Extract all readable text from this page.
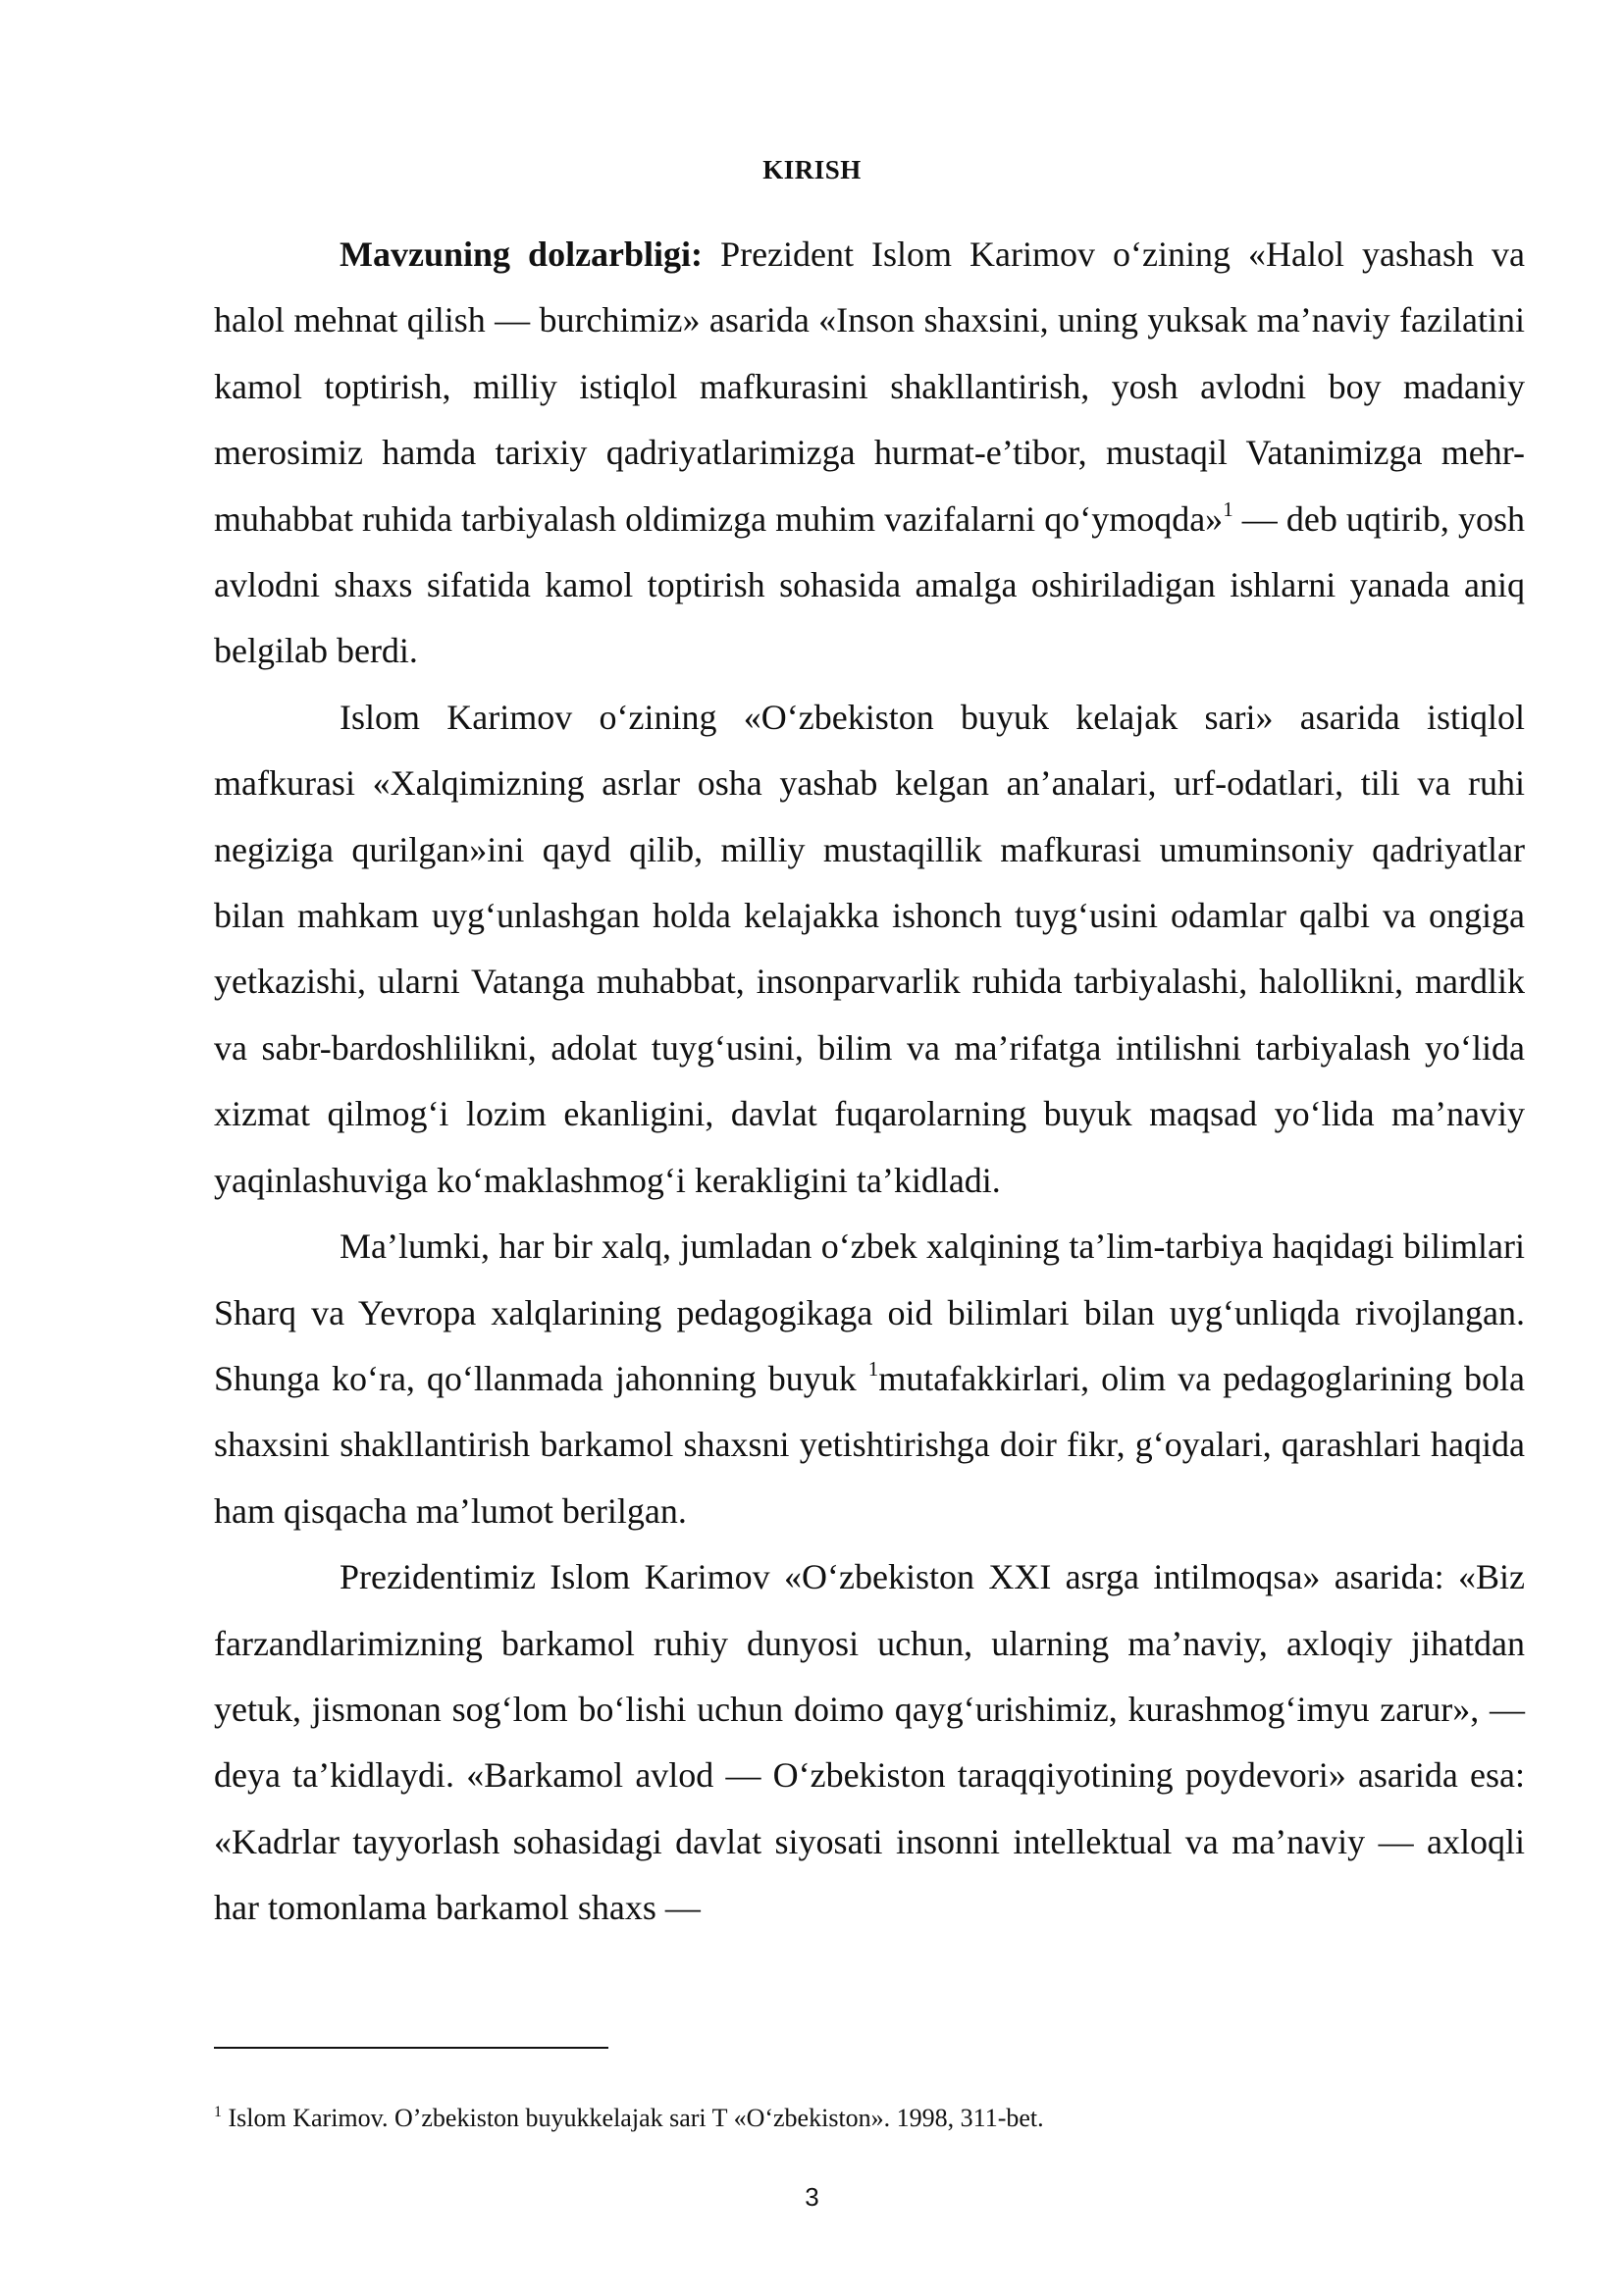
KIRISH

Mavzuning dolzarbligi: Prezident Islom Karimov o‘zining «Halol yashash va halol mehnat qilish — burchimiz» asarida «Inson shaxsini, uning yuksak ma’naviy fazilatini kamol toptirish, milliy istiqlol mafkurasini shakllantirish, yosh avlodni boy madaniy merosimiz hamda tarixiy qadriyatlarimizga hurmat-e’tibor, mustaqil Vatanimizga mehr-muhabbat ruhida tarbiyalash oldimizga muhim vazifalarni qo‘ymoqda»$^1$ — deb uqtirib, yosh avlodni shaxs sifatida kamol toptirish sohasida amalga oshiriladigan ishlarni yanada aniq belgilab berdi.

Islom Karimov o‘zining «O‘zbekiston buyuk kelajak sari» asarida istiqlol mafkurasi «Xalqimizning asrlar osha yashab kelgan an’analari, urf-odatlari, tili va ruhi negiziga qurilgan»ini qayd qilib, milliy mustaqillik mafkurasi umuminsoniy qadriyatlar bilan mahkam uyg‘unlashgan holda kelajakka ishonch tuyg‘usini odamlar qalbi va ongiga yetkazishi, ularni Vatanga muhabbat, insonparvarlik ruhida tarbiyalashi, halollikni, mardlik va sabr-bardoshlilikni, adolat tuyg‘usini, bilim va ma’rifatga intilishni tarbiyalash yo‘lida xizmat qilmog‘i lozim ekanligini, davlat fuqarolarning buyuk maqsad yo‘lida ma’naviy yaqinlashuviga ko‘maklashmog‘i kerakligini ta’kidladi.

Ma’lumki, har bir xalq, jumladan o‘zbek xalqining ta’lim-tarbiya haqidagi bilimlari Sharq va Yevropa xalqlarining pedagogikaga oid bilimlari bilan uyg‘unliqda rivojlangan. Shunga ko‘ra, qo‘llanmada jahonning buyuk $^1$mutafakkirlari, olim va pedagoglarining bola shaxsini shakllantirish barkamol shaxsni yetishtirishga doir fikr, g‘oyalari, qarashlari haqida ham qisqacha ma’lumot berilgan.

Prezidentimiz Islom Karimov «O‘zbekiston XXI asrga intilmoqsa» asarida: «Biz farzandlarimizning barkamol ruhiy dunyosi uchun, ularning ma’naviy, axloqiy jihatdan yetuk, jismonan sog‘lom bo‘lishi uchun doimo qayg‘urishimiz, kurashmog‘imyu zarur», — deya ta’kidlaydi. «Barkamol avlod — O‘zbekiston taraqqiyotining poydevori» asarida esa: «Kadrlar tayyorlash sohasidagi davlat siyosati insonni intellektual va ma’naviy — axloqli har tomonlama barkamol shaxs —

$^1$ Islom Karimov. O’zbekiston buyukkelajak sari T «O‘zbekiston». 1998, 311-bet.
3
